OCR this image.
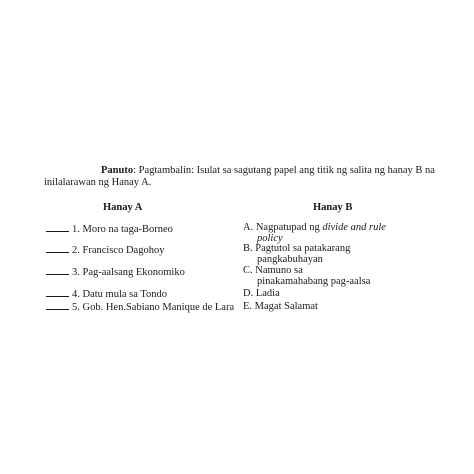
Panuto: Pagtambalin: Isulat sa sagutang papel ang titik ng salita ng hanay B na
inilalarawan ng Hanay A.
Hanay A	Hanay B
1. Moro na taga-Borneo
2. Francisco Dagohoy
3. Pag-aalsang Ekonomiko
4. Datu mula sa Tondo
5. Gob. Hen.Sabiano Manique de Lara
A. Nagpatupad ng divide and rule
policy
B. Pagtutol sa patakarang
pangkabuhayan
C. Namuno sa
pinakamahabang pag-aalsa
D. Ladia
E. Magat Salamat
